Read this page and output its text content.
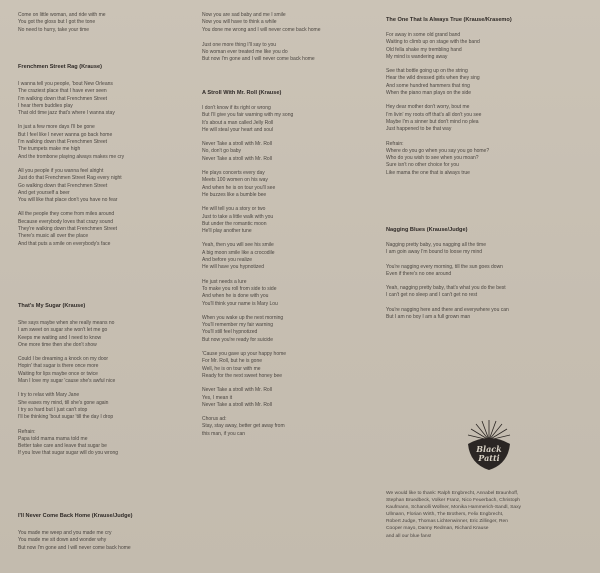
Come on little woman, and ride with me
You got the gloss but I got the tone
No need to hurry, take your time
Frenchmen Street Rag (Krause)
I wanna tell you people, 'bout New Orleans
The craziest place that I have ever seen
I'm walking down that Frenchmen Street
I hear them buddies play
That old time jazz that's where I wanna stay
In just a few more days I'll be gone
But I feel like I never wanna go back home
I'm walking down that Frenchmen Street
The trumpets make me high
And the trombone playing always makes me cry
All you people if you wanna feel alright
Just do that Frenchmen Street Rag every night
Go walking down that Frenchmen Street
And get yourself a beer
You will like that place don't you have no fear
All the people they come from miles around
Because everybody loves that crazy sound
They're walking down that Frenchmen Street
There's music all over the place
And that puts a smile on everybody's face
That's My Sugar (Krause)
She says maybe when she really means no
I am sweet on sugar she won't let me go
Keeps me waiting and I need to know
One more time then she don't show
Could I be dreaming a knock on my door
Hopin' that sugar is there once more
Waiting for lips maybe once or twice
Man I love my sugar 'cause she's awful nice
I try to relax with Mary Jane
She eases my mind, till she's gone again
I try so hard but I just can't stop
I'll be thinking 'bout sugar 'till the day I drop
Refrain:
Papa told mama mama told me
Better take care and leave that sugar be
If you love that sugar sugar will do you wrong
I'll Never Come Back Home (Krause/Judge)
You made me weep and you made me cry
You made me sit down and wonder why
But now I'm gone and I will never come back home
Now you are sad baby and me I smile
Now you will have to think a while
You done me wrong and I will never come back home
Just one more thing I'll say to you
No woman ever treated me like you do
But now I'm gone and I will never come back home
A Stroll With Mr. Roll (Krause)
I don't know if its right or wrong
But I'll give you fair warning with my song
It's about a man called Jelly Roll
He will steal your heart and soul
Never Take a stroll with Mr. Roll
No, don't go baby
Never Take a stroll with Mr. Roll
He plays concerts every day
Meets 100 women on his way
And when he is on tour you'll see
He buzzes like a bumble bee
He will tell you a story or two
Just to take a little walk with you
But under the romantic moon
He'll play another tune
Yeah, then you will see his smile
A big moon smile like a crocodile
And before you realize
He will have you hypnotized
He just needs a lure
To make you roll from side to side
And when he is done with you
You'll think your name is Mary Lou
When you wake up the next morning
You'll remember my fair warning
You'll still feel hypnotized
But now you're ready for suicide
'Cause you gave up your happy home
For Mr. Roll, but he is gone
Well, he is on tour with me
Ready for the next sweet honey bee
Never Take a stroll with Mr. Roll
Yes, I mean it
Never Take a stroll with Mr. Roll
Chorus ad:
Stay, stay away, better get away from
this man, if you can
The One That Is Always True (Krause/Krasemo)
For away in some old grand band
Waiting to climb up on stage with the band
Old fella shake my trembling hand
My mind is wandering away
See that bottle going up on the string
Hear the wild dressed girls when they sing
And some hundred hammers that ring
When the piano man plays on the side
Hey dear mother don't worry, bout me
I'm livin' my roots off that's all don't you see
Maybe I'm a sinner but don't mind no plea
Just happened to be that way
Refrain:
Where do you go when you say you go home?
Who do you wish to see when you moan?
Sure isn't no other choice for you
Like mama the one that is always true
Nagging Blues (Krause/Judge)
Nagging pretty baby, you nagging all the time
I am goin away I'm bound to loose my mind
You're nagging every morning, till the sun goes down
Even if there's no one around
Yeah, nagging pretty baby, that's what you do the best
I can't get no sleep and I can't get no rest
You're nagging here and there and everywhere you can
But I am no boy I am a full grown man
We would like to thank: Ralph Engbrecht, Annabel Braunhoff,
Stephan Bruedbeck, Volker Franz, Nico Feuerbach, Christoph
Kaufmann, Schanolli Wollner, Monika Hammerich-Sandl, Saxy
Ullmann, Florian Wirth, The Brothers, Felix Engbrecht,
Robert Judge, Thomas Lichtenwinner, Eric Zillinger, Ren
Cooper mayo, Danny Redman, Richard Krause
and all our blue fans!
Black
Patti
